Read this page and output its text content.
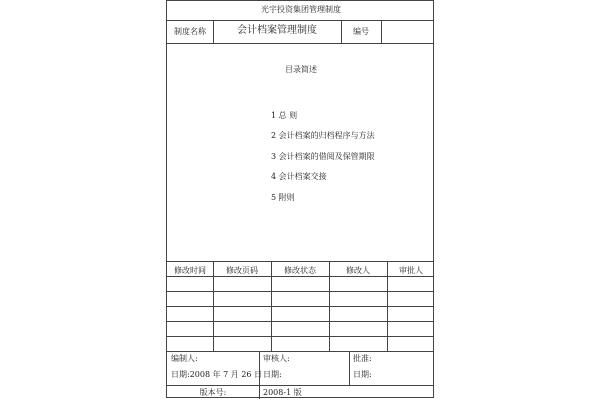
光宇投资集团管理制度
制度名称	会计档案管理制度	编号
目录简述
1 总 则
2 会计档案的归档程序与方法
3 会计档案的借阅及保管期限
4 会计档案交接
5 附则
修改时间	修改页码	修改状态	修改人	审批人
编制人:
日期:2008 年 7 月 26 日
审核人:
日期:
批准:
日期:
版本号:	2008-1 版
